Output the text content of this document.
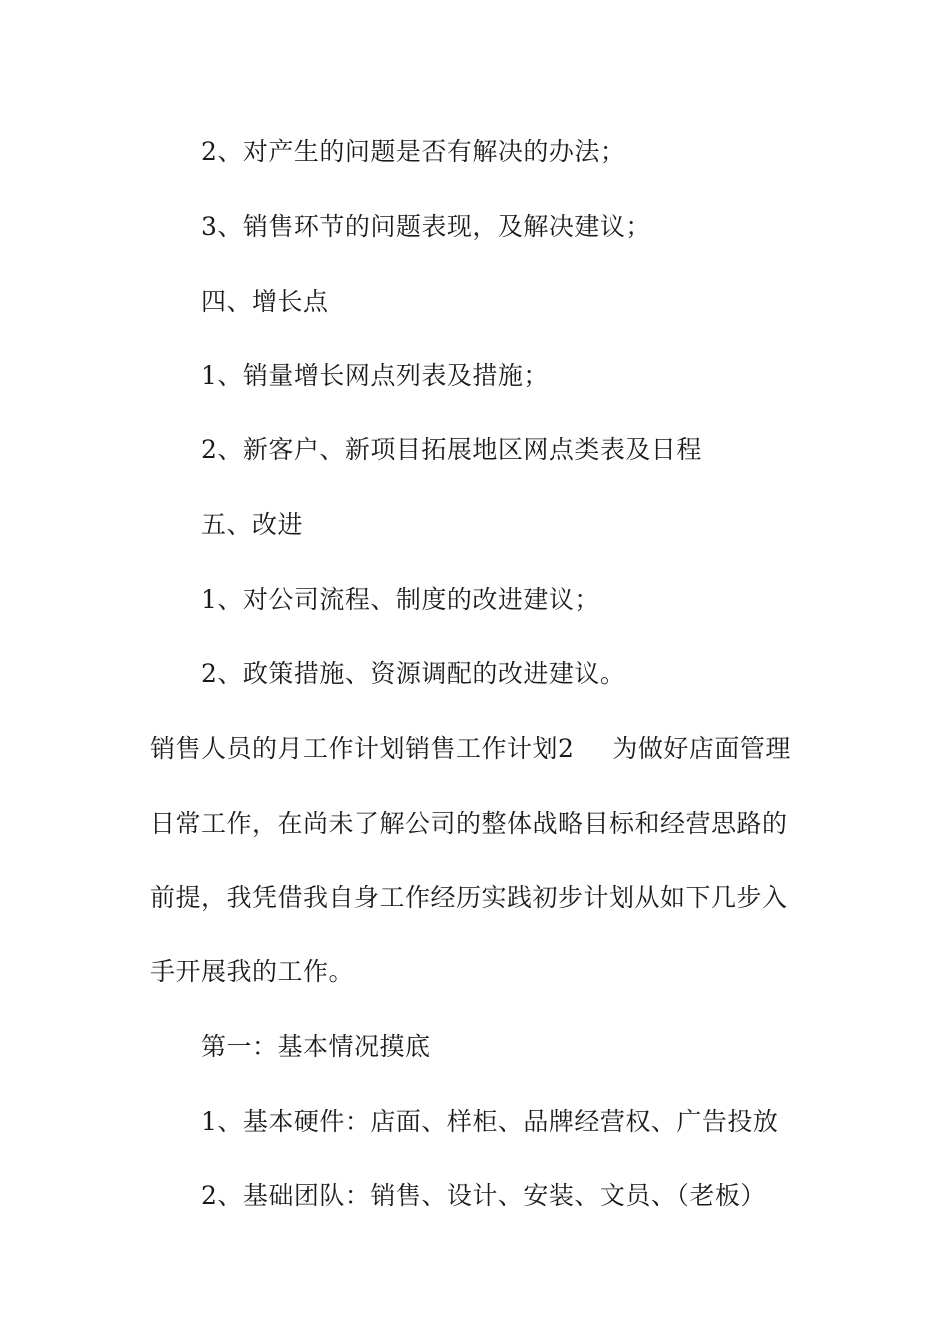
2、对产生的问题是否有解决的办法；
3、销售环节的问题表现，及解决建议；
四、增长点
1、销量增长网点列表及措施；
2、新客户、新项目拓展地区网点类表及日程
五、改进
1、对公司流程、制度的改进建议；
2、政策措施、资源调配的改进建议。
销售人员的月工作计划销售工作计划2 为做好店面管理
日常工作，在尚未了解公司的整体战略目标和经营思路的
前提，我凭借我自身工作经历实践初步计划从如下几步入
手开展我的工作。
第一：基本情况摸底
1、基本硬件：店面、样柜、品牌经营权、广告投放
2、基础团队：销售、设计、安装、文员、（老板）
